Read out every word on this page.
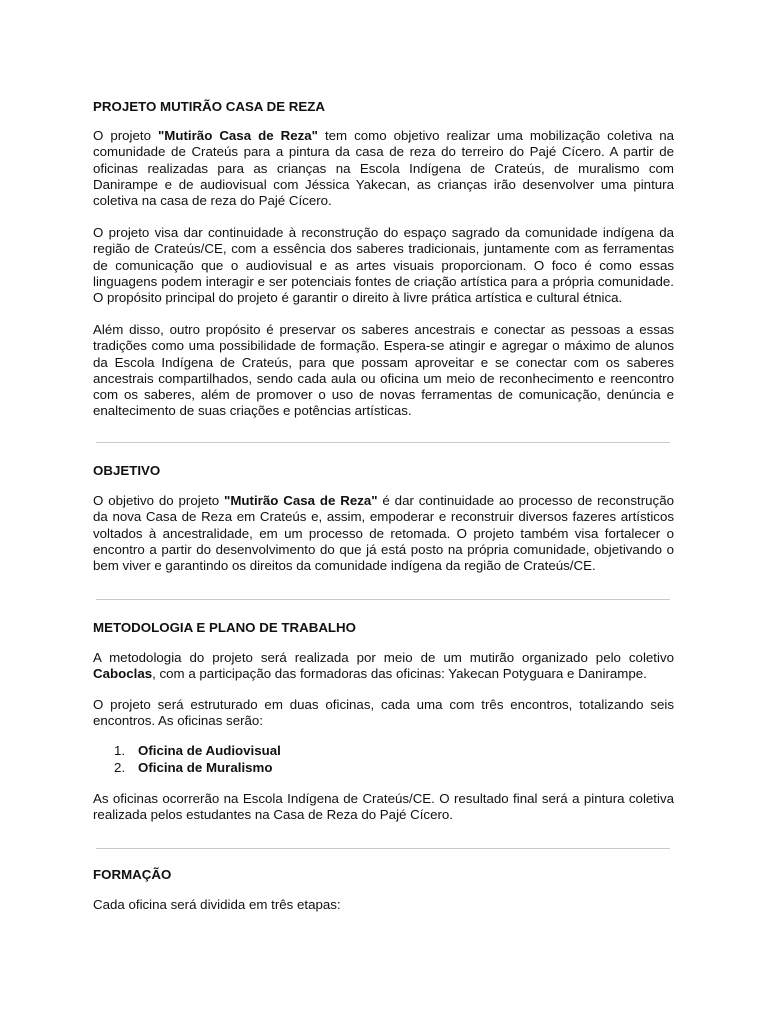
PROJETO MUTIRÃO CASA DE REZA

O projeto "Mutirão Casa de Reza" tem como objetivo realizar uma mobilização coletiva na comunidade de Crateús para a pintura da casa de reza do terreiro do Pajé Cícero. A partir de oficinas realizadas para as crianças na Escola Indígena de Crateús, de muralismo com Danirampe e de audiovisual com Jéssica Yakecan, as crianças irão desenvolver uma pintura coletiva na casa de reza do Pajé Cícero.

O projeto visa dar continuidade à reconstrução do espaço sagrado da comunidade indígena da região de Crateús/CE, com a essência dos saberes tradicionais, juntamente com as ferramentas de comunicação que o audiovisual e as artes visuais proporcionam. O foco é como essas linguagens podem interagir e ser potenciais fontes de criação artística para a própria comunidade. O propósito principal do projeto é garantir o direito à livre prática artística e cultural étnica.

Além disso, outro propósito é preservar os saberes ancestrais e conectar as pessoas a essas tradições como uma possibilidade de formação. Espera-se atingir e agregar o máximo de alunos da Escola Indígena de Crateús, para que possam aproveitar e se conectar com os saberes ancestrais compartilhados, sendo cada aula ou oficina um meio de reconhecimento e reencontro com os saberes, além de promover o uso de novas ferramentas de comunicação, denúncia e enaltecimento de suas criações e potências artísticas.

OBJETIVO

O objetivo do projeto "Mutirão Casa de Reza" é dar continuidade ao processo de reconstrução da nova Casa de Reza em Crateús e, assim, empoderar e reconstruir diversos fazeres artísticos voltados à ancestralidade, em um processo de retomada. O projeto também visa fortalecer o encontro a partir do desenvolvimento do que já está posto na própria comunidade, objetivando o bem viver e garantindo os direitos da comunidade indígena da região de Crateús/CE.

METODOLOGIA E PLANO DE TRABALHO

A metodologia do projeto será realizada por meio de um mutirão organizado pelo coletivo Caboclas, com a participação das formadoras das oficinas: Yakecan Potyguara e Danirampe.

O projeto será estruturado em duas oficinas, cada uma com três encontros, totalizando seis encontros. As oficinas serão:

1. Oficina de Audiovisual
2. Oficina de Muralismo

As oficinas ocorrerão na Escola Indígena de Crateús/CE. O resultado final será a pintura coletiva realizada pelos estudantes na Casa de Reza do Pajé Cícero.

FORMAÇÃO

Cada oficina será dividida em três etapas:
